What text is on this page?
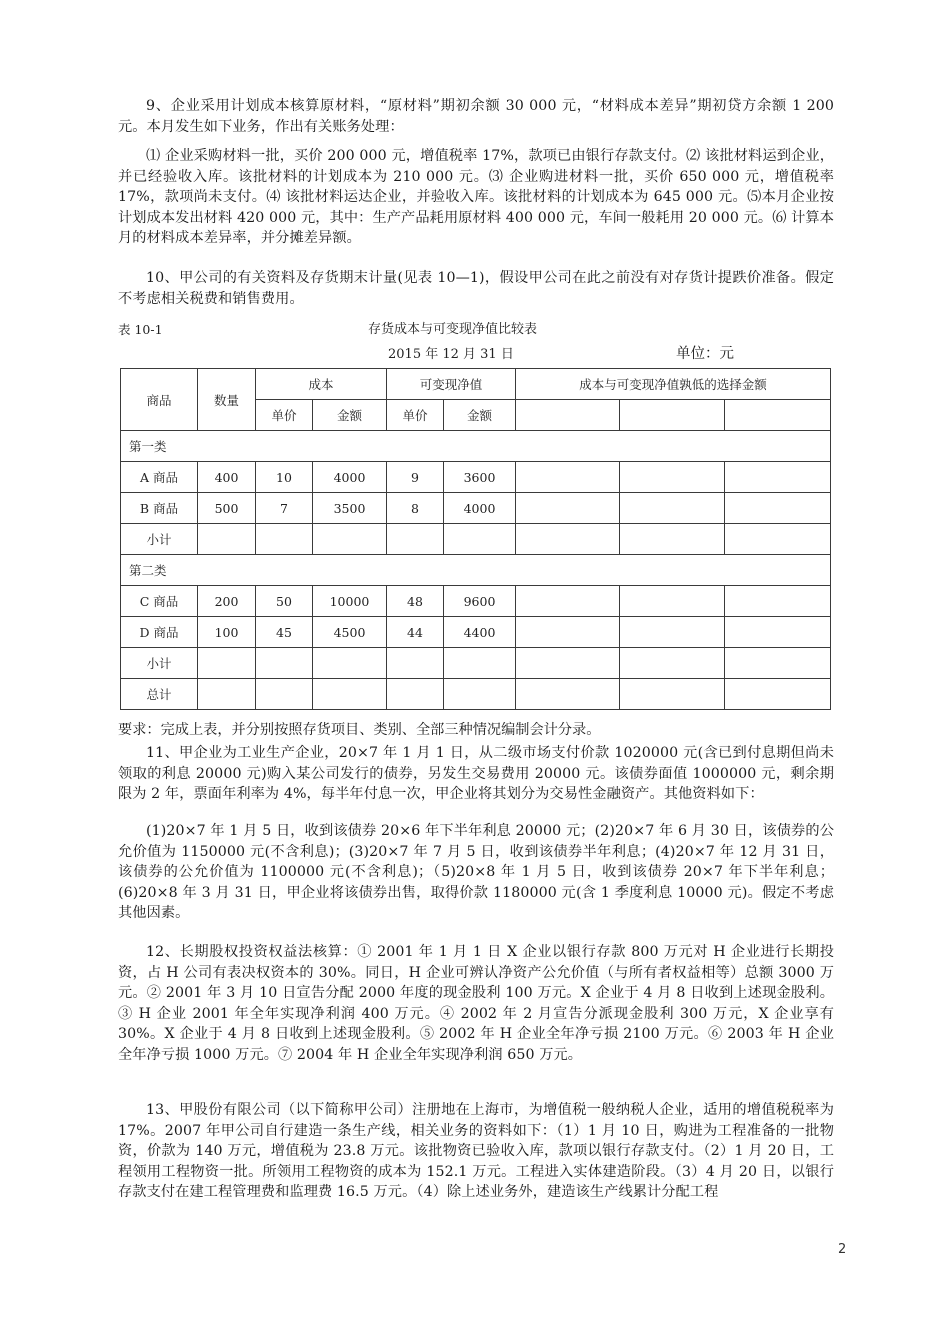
9、企业采用计划成本核算原材料，“原材料”期初余额 30 000 元，“材料成本差异”期初贷方余额 1 200 元。本月发生如下业务，作出有关账务处理：
⑴ 企业采购材料一批，买价 200 000 元，增值税率 17%，款项已由银行存款支付。⑵ 该批材料运到企业，并已经验收入库。该批材料的计划成本为 210 000 元。⑶ 企业购进材料一批，买价 650 000 元，增值税率 17%，款项尚未支付。⑷ 该批材料运达企业，并验收入库。该批材料的计划成本为 645 000 元。⑸本月企业按计划成本发出材料 420 000 元，其中：生产产品耗用原材料 400 000 元，车间一般耗用 20 000 元。⑹ 计算本月的材料成本差异率，并分摊差异额。
10、甲公司的有关资料及存货期末计量(见表 10—1)，假设甲公司在此之前没有对存货计提跌价准备。假定不考虑相关税费和销售费用。
表 10-1	存货成本与可变现净值比较表
2015 年 12 月 31 日	单位：元
商品	数量	成本		可变现净值		成本与可变现净值孰低的选择金额		
		单价	金额	单价	金额			
第一类								
A 商品	400	10	4000	9	3600			
B 商品	500	7	3500	8	4000			
小计								
第二类								
C 商品	200	50	10000	48	9600			
D 商品	100	45	4500	44	4400			
小计								
总计								
要求：完成上表，并分别按照存货项目、类别、全部三种情况编制会计分录。
11、甲企业为工业生产企业，20×7 年 1 月 1 日，从二级市场支付价款 1020000 元(含已到付息期但尚未领取的利息 20000 元)购入某公司发行的债券，另发生交易费用 20000 元。该债券面值 1000000 元，剩余期限为 2 年，票面年利率为 4%，每半年付息一次，甲企业将其划分为交易性金融资产。其他资料如下：
(1)20×7 年 1 月 5 日，收到该债券 20×6 年下半年利息 20000 元；(2)20×7 年 6 月 30 日，该债券的公允价值为 1150000 元(不含利息)；(3)20×7 年 7 月 5 日，收到该债券半年利息；(4)20×7 年 12 月 31 日，该债券的公允价值为 1100000 元(不含利息)；（5)20×8 年 1 月 5 日，收到该债券 20×7 年下半年利息；(6)20×8 年 3 月 31 日，甲企业将该债券出售，取得价款 1180000 元(含 1 季度利息 10000 元)。假定不考虑其他因素。
12、长期股权投资权益法核算：① 2001 年 1 月 1 日 X 企业以银行存款 800 万元对 H 企业进行长期投资，占 H 公司有表决权资本的 30%。同日，H 企业可辨认净资产公允价值（与所有者权益相等）总额 3000 万元。② 2001 年 3 月 10 日宣告分配 2000 年度的现金股利 100 万元。X 企业于 4 月 8 日收到上述现金股利。③ H 企业 2001 年全年实现净利润 400 万元。④ 2002 年 2 月宣告分派现金股利 300 万元，X 企业享有 30%。X 企业于 4 月 8 日收到上述现金股利。⑤ 2002 年 H 企业全年净亏损 2100 万元。⑥ 2003 年 H 企业全年净亏损 1000 万元。⑦ 2004 年 H 企业全年实现净利润 650 万元。
13、甲股份有限公司（以下简称甲公司）注册地在上海市，为增值税一般纳税人企业，适用的增值税税率为 17%。2007 年甲公司自行建造一条生产线，相关业务的资料如下：（1）1 月 10 日，购进为工程准备的一批物资，价款为 140 万元，增值税为 23.8 万元。该批物资已验收入库，款项以银行存款支付。（2）1 月 20 日，工程领用工程物资一批。所领用工程物资的成本为 152.1 万元。工程进入实体建造阶段。（3）4 月 20 日，以银行存款支付在建工程管理费和监理费 16.5 万元。（4）除上述业务外，建造该生产线累计分配工程
2
